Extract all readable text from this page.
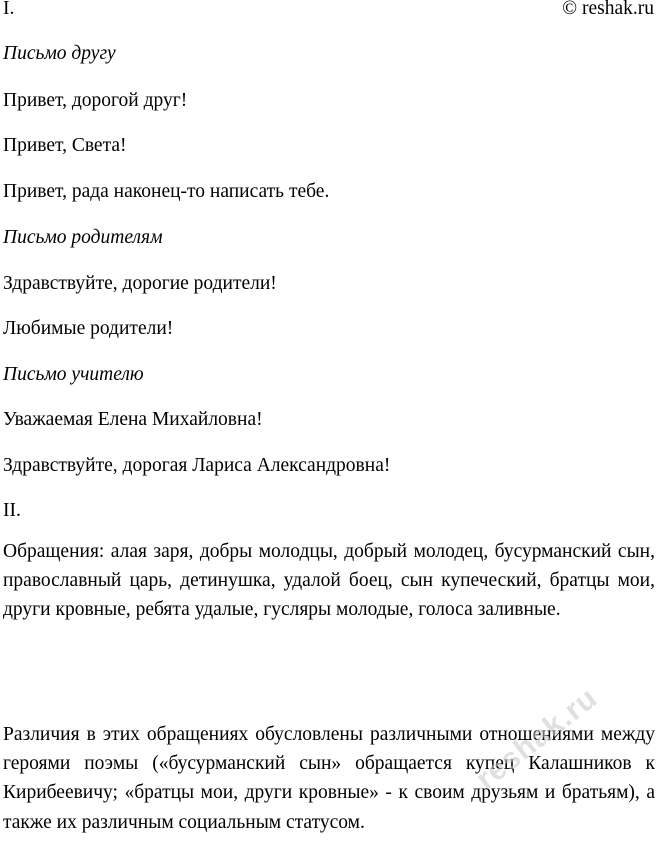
I.	© reshak.ru
Письмо другу
Привет, дорогой друг!
Привет, Света!
Привет, рада наконец-то написать тебе.
Письмо родителям
Здравствуйте, дорогие родители!
Любимые родители!
Письмо учителю
Уважаемая Елена Михайловна!
Здравствуйте, дорогая Лариса Александровна!
II.

Обращения: алая заря, добры молодцы, добрый молодец, бусурманский сын, православный царь, детинушка, удалой боец, сын купеческий, братцы мои, други кровные, ребята удалые, гусляры молодые, голоса заливные.

Различия в этих обращениях обусловлены различными отношениями между героями поэмы («бусурманский сын» обращается купец Калашников к Кирибеевичу; «братцы мои, други кровные» - к своим друзьям и братьям), а также их различным социальным статусом.

reshak.ru
